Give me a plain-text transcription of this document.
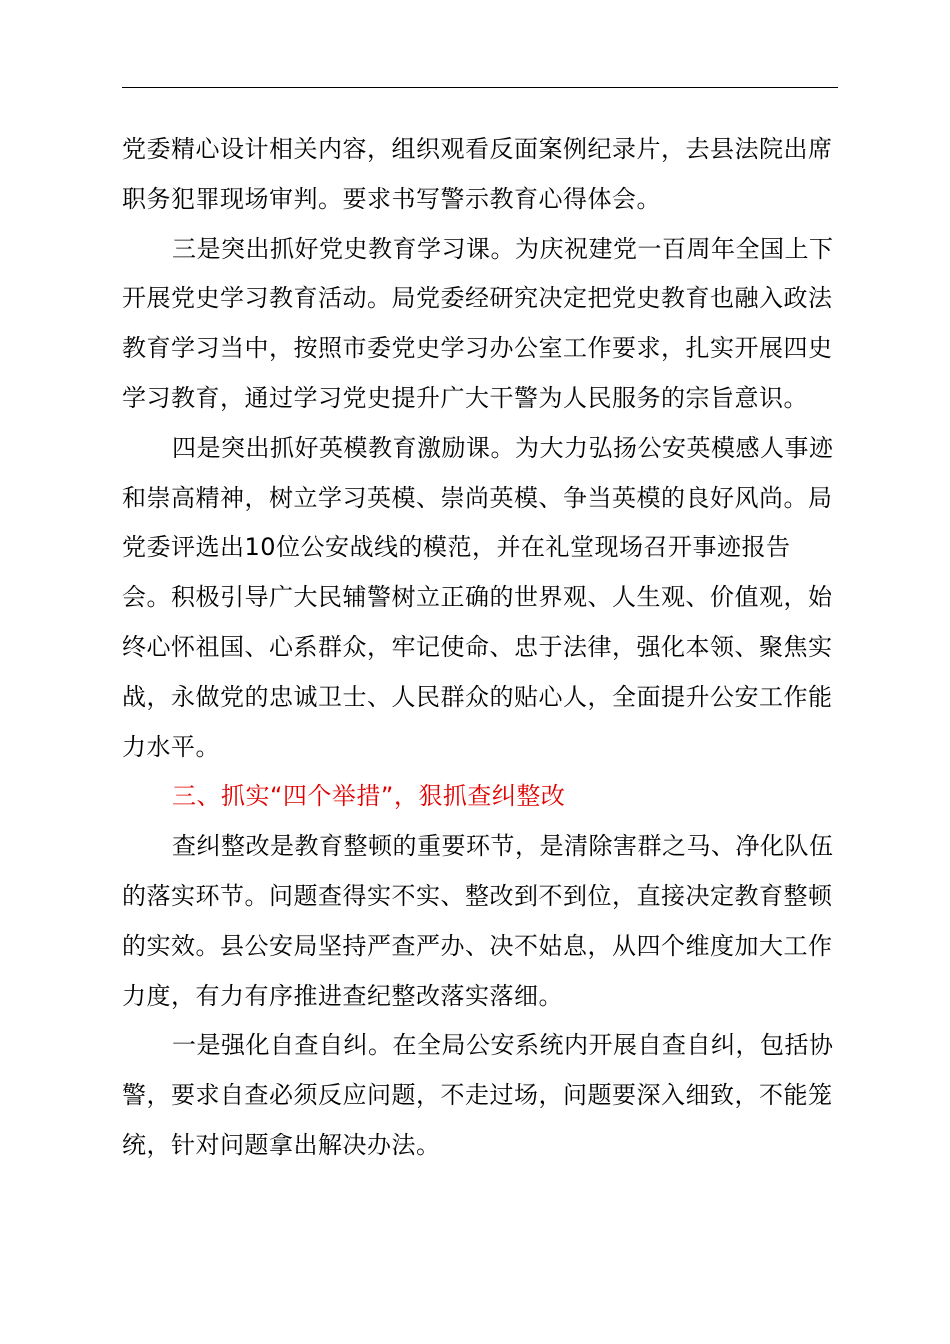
党委精心设计相关内容，组织观看反面案例纪录片，去县法院出席职务犯罪现场审判。要求书写警示教育心得体会。

三是突出抓好党史教育学习课。为庆祝建党一百周年全国上下开展党史学习教育活动。局党委经研究决定把党史教育也融入政法教育学习当中，按照市委党史学习办公室工作要求，扎实开展四史学习教育，通过学习党史提升广大干警为人民服务的宗旨意识。

四是突出抓好英模教育激励课。为大力弘扬公安英模感人事迹和崇高精神，树立学习英模、崇尚英模、争当英模的良好风尚。局党委评选出10位公安战线的模范，并在礼堂现场召开事迹报告会。积极引导广大民辅警树立正确的世界观、人生观、价值观，始终心怀祖国、心系群众，牢记使命、忠于法律，强化本领、聚焦实战，永做党的忠诚卫士、人民群众的贴心人，全面提升公安工作能力水平。

三、抓实“四个举措”，狠抓查纠整改

查纠整改是教育整顿的重要环节，是清除害群之马、净化队伍的落实环节。问题查得实不实、整改到不到位，直接决定教育整顿的实效。县公安局坚持严查严办、决不姑息，从四个维度加大工作力度，有力有序推进查纪整改落实落细。

一是强化自查自纠。在全局公安系统内开展自查自纠，包括协警，要求自查必须反应问题，不走过场，问题要深入细致，不能笼统，针对问题拿出解决办法。
